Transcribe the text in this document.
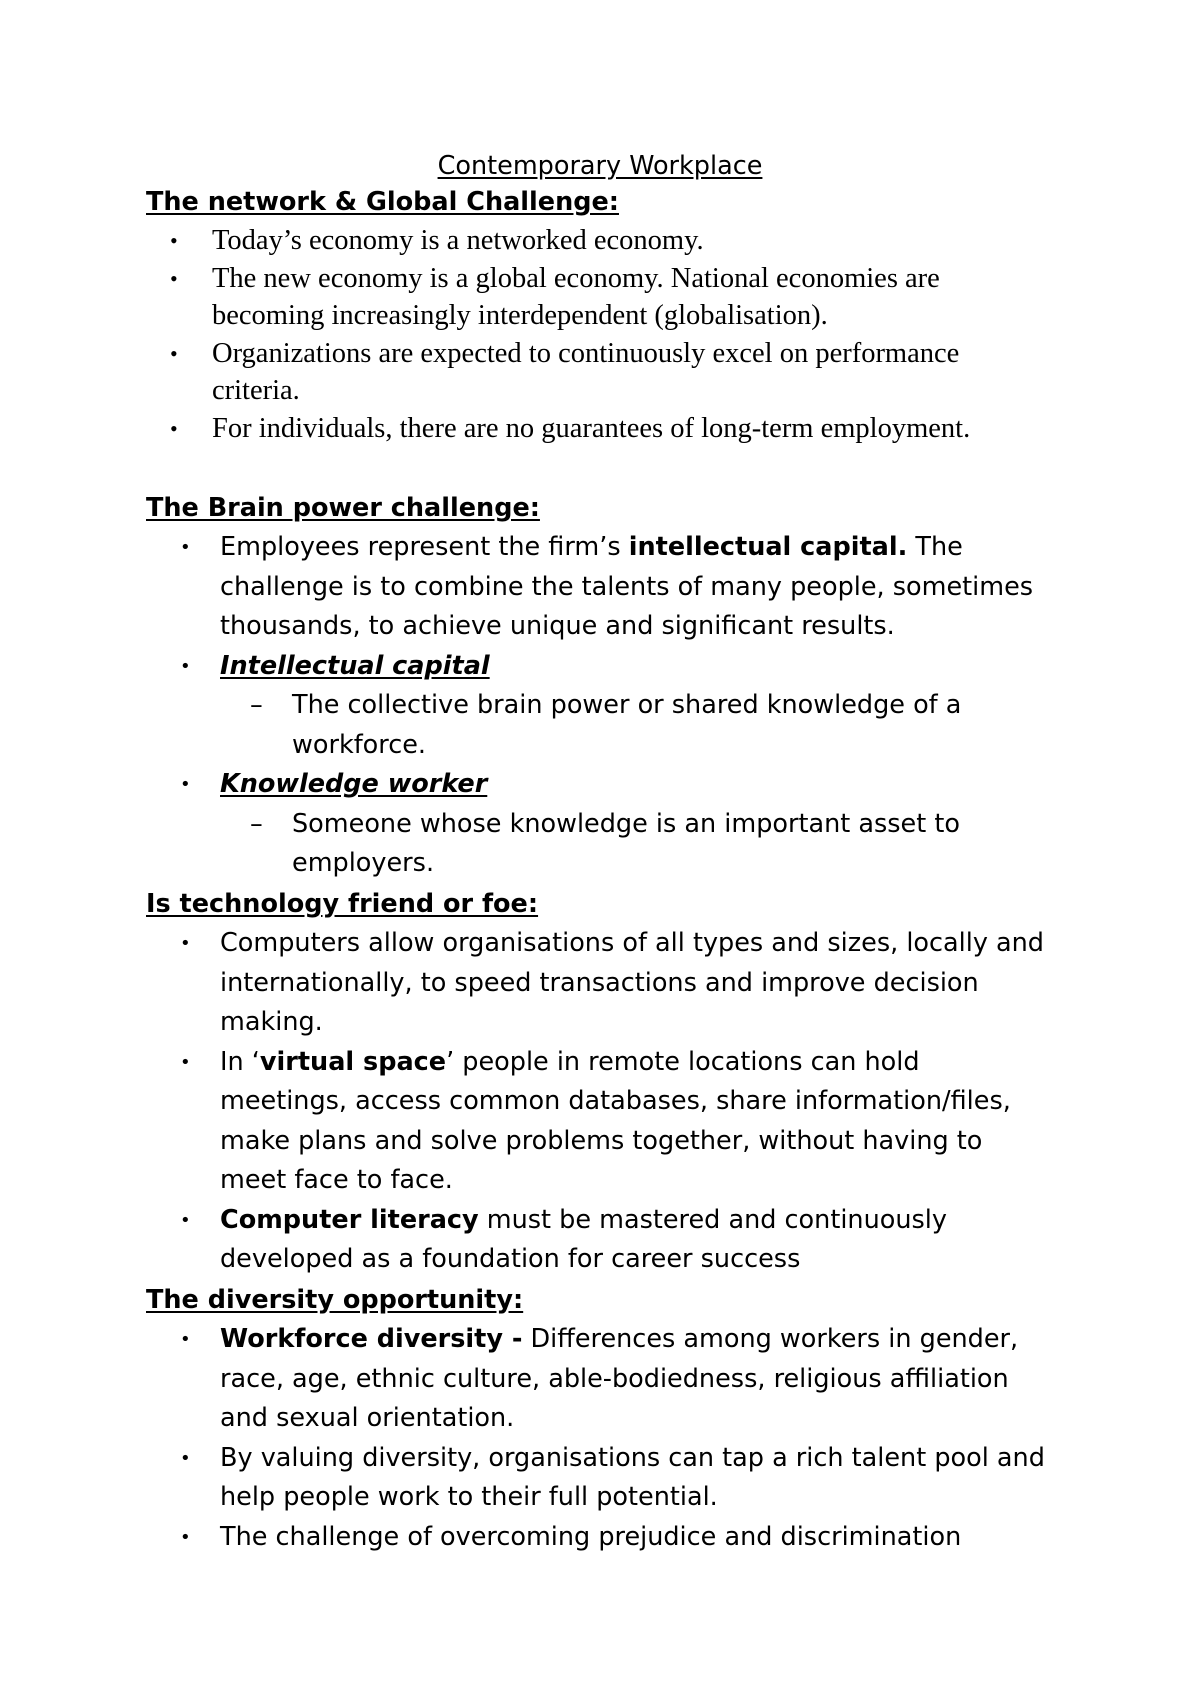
Contemporary Workplace
The network & Global Challenge:
• Today’s economy is a networked economy.
• The new economy is a global economy. National economies are becoming increasingly interdependent (globalisation).
• Organizations are expected to continuously excel on performance criteria.
• For individuals, there are no guarantees of long-term employment.
The Brain power challenge:
• Employees represent the firm’s intellectual capital. The challenge is to combine the talents of many people, sometimes thousands, to achieve unique and significant results.
• Intellectual capital
– The collective brain power or shared knowledge of a workforce.
• Knowledge worker
– Someone whose knowledge is an important asset to employers.
Is technology friend or foe:
• Computers allow organisations of all types and sizes, locally and internationally, to speed transactions and improve decision making.
• In ‘virtual space’ people in remote locations can hold meetings, access common databases, share information/files, make plans and solve problems together, without having to meet face to face.
• Computer literacy must be mastered and continuously developed as a foundation for career success
The diversity opportunity:
• Workforce diversity - Differences among workers in gender, race, age, ethnic culture, able-bodiedness, religious affiliation and sexual orientation.
• By valuing diversity, organisations can tap a rich talent pool and help people work to their full potential.
• The challenge of overcoming prejudice and discrimination
